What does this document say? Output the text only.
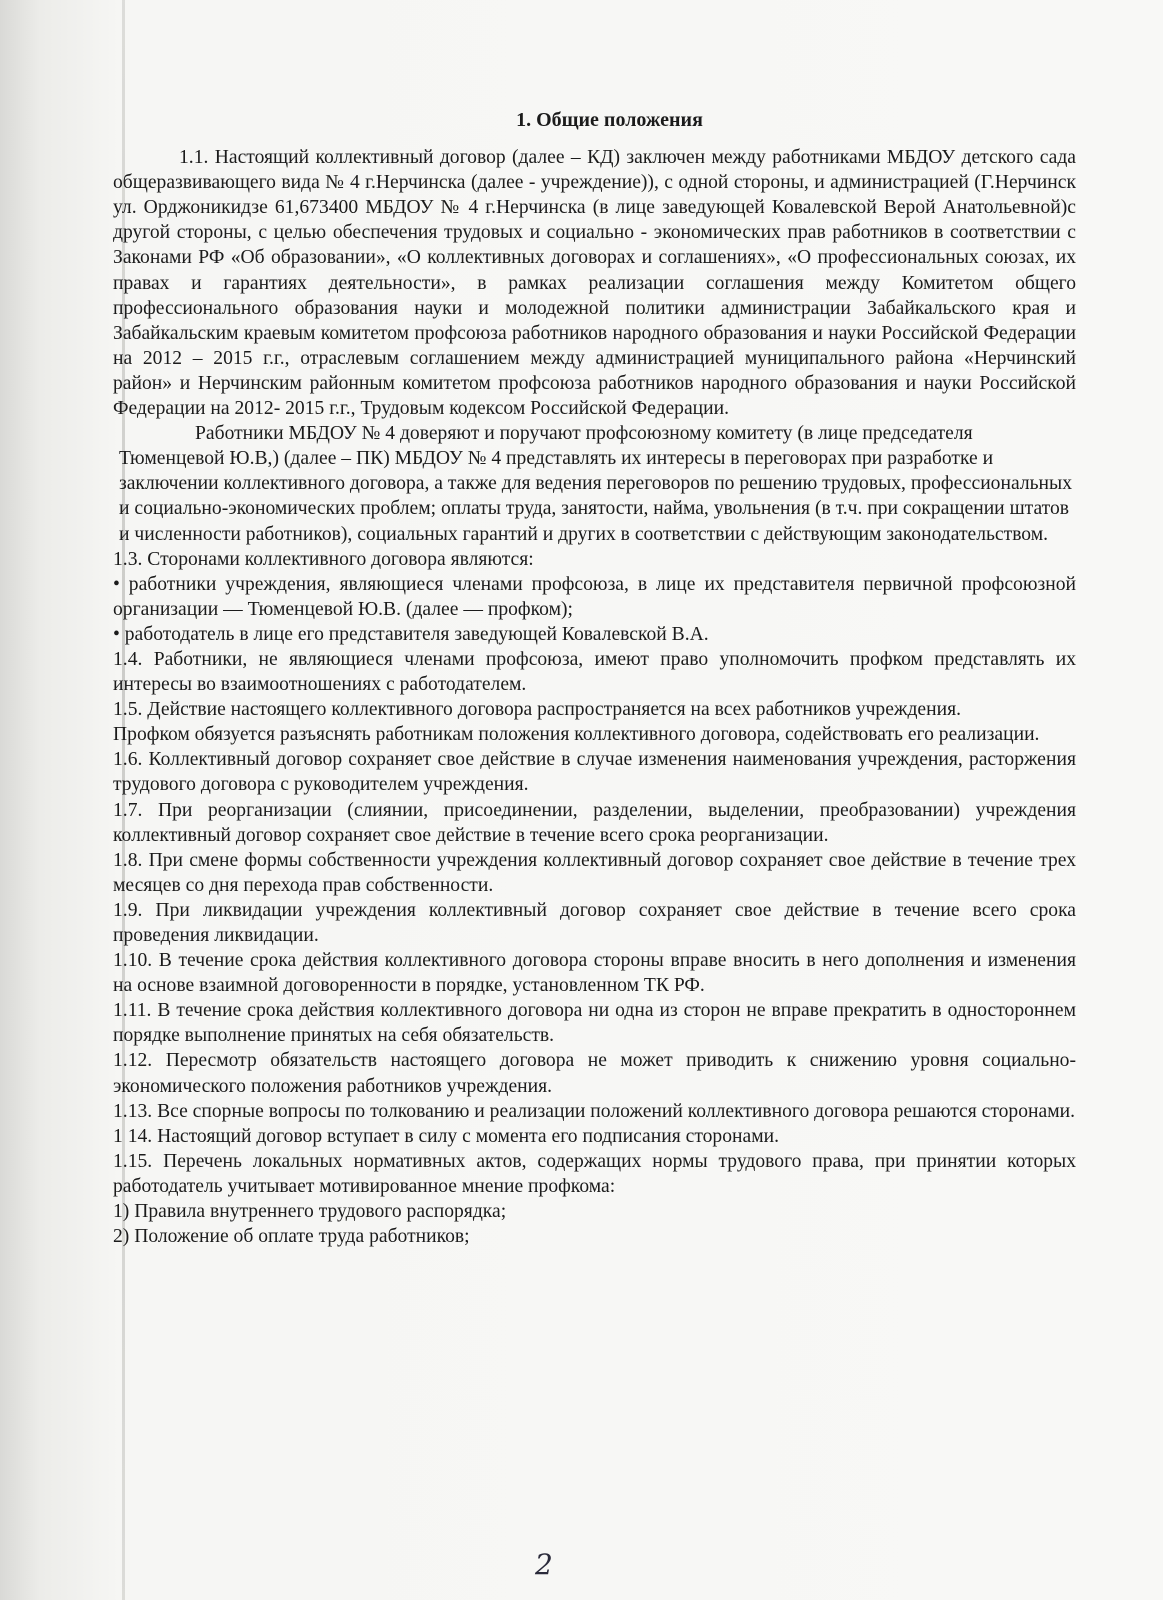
1. Общие положения

1.1. Настоящий коллективный договор (далее – КД) заключен между работниками МБДОУ детского сада общеразвивающего вида № 4 г.Нерчинска (далее - учреждение)), с одной стороны, и администрацией (Г.Нерчинск ул. Орджоникидзе 61,673400 МБДОУ № 4 г.Нерчинска (в лице заведующей Ковалевской Верой Анатольевной)с другой стороны, с целью обеспечения трудовых и социально - экономических прав работников в соответствии с Законами РФ «Об образовании», «О коллективных договорах и соглашениях», «О профессиональных союзах, их правах и гарантиях деятельности», в рамках реализации соглашения между Комитетом общего профессионального образования науки и молодежной политики администрации Забайкальского края и Забайкальским краевым комитетом профсоюза работников народного образования и науки Российской Федерации на 2012 – 2015 г.г., отраслевым соглашением между администрацией муниципального района «Нерчинский район» и Нерчинским районным комитетом профсоюза работников народного образования и науки Российской Федерации на 2012- 2015 г.г., Трудовым кодексом Российской Федерации.

Работники МБДОУ № 4 доверяют и поручают профсоюзному комитету (в лице председателя Тюменцевой Ю.В,) (далее – ПК) МБДОУ № 4 представлять их интересы в переговорах при разработке и заключении коллективного договора, а также для ведения переговоров по решению трудовых, профессиональных и социально-экономических проблем; оплаты труда, занятости, найма, увольнения (в т.ч. при сокращении штатов и численности работников), социальных гарантий и других в соответствии с действующим законодательством.

1.3. Сторонами коллективного договора являются:

• работники учреждения, являющиеся членами профсоюза, в лице их представителя первичной профсоюзной организации — Тюменцевой Ю.В. (далее — профком);

• работодатель в лице его представителя заведующей Ковалевской В.А.

1.4. Работники, не являющиеся членами профсоюза, имеют право уполномочить профком представлять их интересы во взаимоотношениях с работодателем.

1.5. Действие настоящего коллективного договора распространяется на всех работников учреждения.

Профком обязуется разъяснять работникам положения коллективного договора, содействовать его реализации.

1.6. Коллективный договор сохраняет свое действие в случае изменения наименования учреждения, расторжения трудового договора с руководителем учреждения.

1.7. При реорганизации (слиянии, присоединении, разделении, выделении, преобразовании) учреждения коллективный договор сохраняет свое действие в течение всего срока реорганизации.

1.8. При смене формы собственности учреждения коллективный договор сохраняет свое действие в течение трех месяцев со дня перехода прав собственности.

1.9. При ликвидации учреждения коллективный договор сохраняет свое действие в течение всего срока проведения ликвидации.

1.10. В течение срока действия коллективного договора стороны вправе вносить в него дополнения и изменения на основе взаимной договоренности в порядке, установленном ТК РФ.

1.11. В течение срока действия коллективного договора ни одна из сторон не вправе прекратить в одностороннем порядке выполнение принятых на себя обязательств.

1.12. Пересмотр обязательств настоящего договора не может приводить к снижению уровня социально-экономического положения работников учреждения.

1.13. Все спорные вопросы по толкованию и реализации положений коллективного договора решаются сторонами.

1 14. Настоящий договор вступает в силу с момента его подписания сторонами.

1.15. Перечень локальных нормативных актов, содержащих нормы трудового права, при принятии которых работодатель учитывает мотивированное мнение профкома:

1) Правила внутреннего трудового распорядка;

2) Положение об оплате труда работников;

2
